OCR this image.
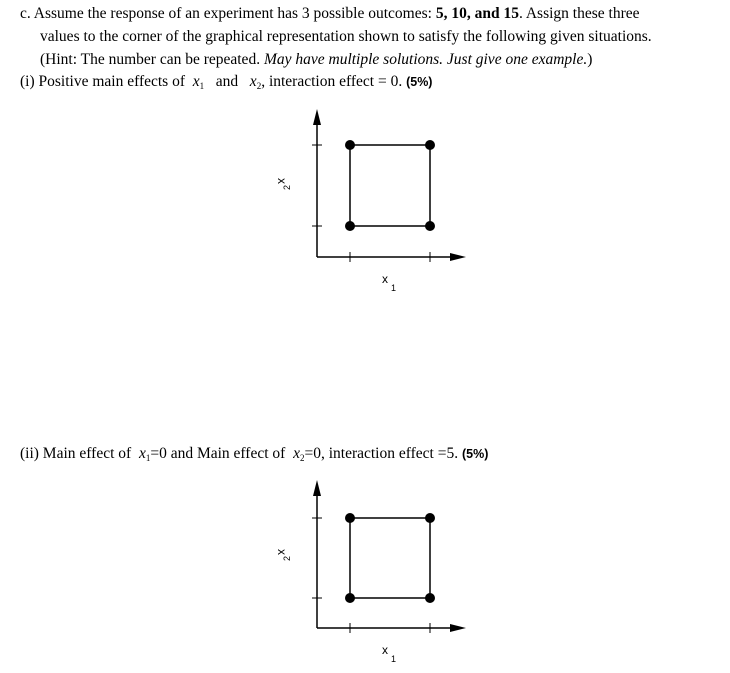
c. Assume the response of an experiment has 3 possible outcomes: 5, 10, and 15. Assign these three
values to the corner of the graphical representation shown to satisfy the following given situations.
(Hint: The number can be repeated. May have multiple solutions. Just give one example.)
(i) Positive main effects of $x_1$ and $x_2$, interaction effect = 0. (5%)
x
1
x
2
(ii) Main effect of $x_1=0$ and Main effect of $x_2=0$, interaction effect =5. (5%)
x
1
x
2
